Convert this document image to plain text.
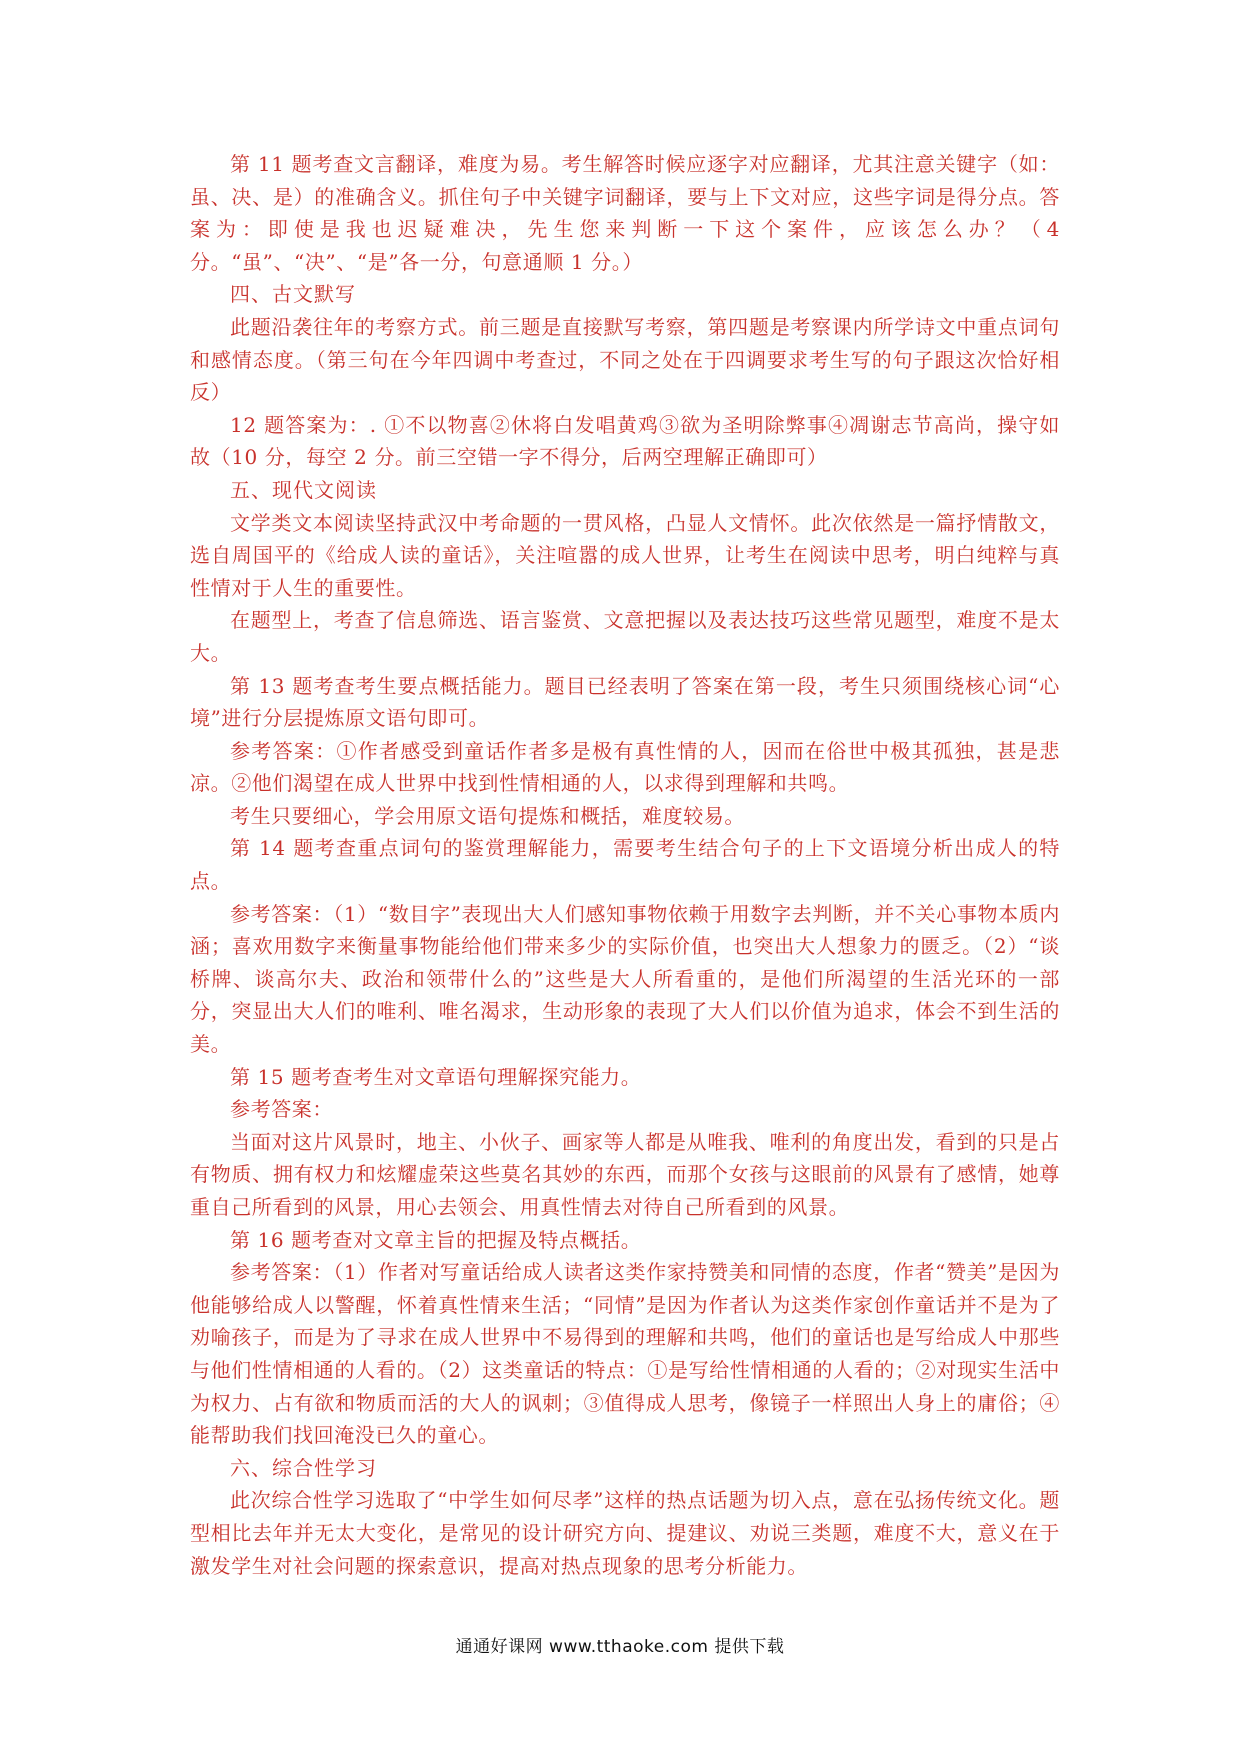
第 11 题考查文言翻译，难度为易。考生解答时候应逐字对应翻译，尤其注意关键字（如：虽、决、是）的准确含义。抓住句子中关键字词翻译，要与上下文对应，这些字词是得分点。答案为：即使是我也迟疑难决，先生您来判断一下这个案件，应该怎么办？（4 分。“虽”、“决”、“是”各一分，句意通顺 1 分。）

四、古文默写

此题沿袭往年的考察方式。前三题是直接默写考察，第四题是考察课内所学诗文中重点词句和感情态度。（第三句在今年四调中考查过，不同之处在于四调要求考生写的句子跟这次恰好相反）

12 题答案为：. ①不以物喜②休将白发唱黄鸡③欲为圣明除弊事④凋谢志节高尚，操守如故（10 分，每空 2 分。前三空错一字不得分，后两空理解正确即可）

五、现代文阅读

文学类文本阅读坚持武汉中考命题的一贯风格，凸显人文情怀。此次依然是一篇抒情散文，选自周国平的《给成人读的童话》，关注喧嚣的成人世界，让考生在阅读中思考，明白纯粹与真性情对于人生的重要性。

在题型上，考查了信息筛选、语言鉴赏、文意把握以及表达技巧这些常见题型，难度不是太大。

第 13 题考查考生要点概括能力。题目已经表明了答案在第一段，考生只须围绕核心词“心境”进行分层提炼原文语句即可。

参考答案：①作者感受到童话作者多是极有真性情的人，因而在俗世中极其孤独，甚是悲凉。②他们渴望在成人世界中找到性情相通的人，以求得到理解和共鸣。

考生只要细心，学会用原文语句提炼和概括，难度较易。

第 14 题考查重点词句的鉴赏理解能力，需要考生结合句子的上下文语境分析出成人的特点。

参考答案：（1）“数目字”表现出大人们感知事物依赖于用数字去判断，并不关心事物本质内涵；喜欢用数字来衡量事物能给他们带来多少的实际价值，也突出大人想象力的匮乏。（2）“谈桥牌、谈高尔夫、政治和领带什么的”这些是大人所看重的，是他们所渴望的生活光环的一部分，突显出大人们的唯利、唯名渴求，生动形象的表现了大人们以价值为追求，体会不到生活的美。

第 15 题考查考生对文章语句理解探究能力。

参考答案：

当面对这片风景时，地主、小伙子、画家等人都是从唯我、唯利的角度出发，看到的只是占有物质、拥有权力和炫耀虚荣这些莫名其妙的东西，而那个女孩与这眼前的风景有了感情，她尊重自己所看到的风景，用心去领会、用真性情去对待自己所看到的风景。

第 16 题考查对文章主旨的把握及特点概括。

参考答案：（1）作者对写童话给成人读者这类作家持赞美和同情的态度，作者“赞美”是因为他能够给成人以警醒，怀着真性情来生活；“同情”是因为作者认为这类作家创作童话并不是为了劝喻孩子，而是为了寻求在成人世界中不易得到的理解和共鸣，他们的童话也是写给成人中那些与他们性情相通的人看的。（2）这类童话的特点：①是写给性情相通的人看的；②对现实生活中为权力、占有欲和物质而活的大人的讽刺；③值得成人思考，像镜子一样照出人身上的庸俗；④能帮助我们找回淹没已久的童心。

六、综合性学习

此次综合性学习选取了“中学生如何尽孝”这样的热点话题为切入点，意在弘扬传统文化。题型相比去年并无太大变化，是常见的设计研究方向、提建议、劝说三类题，难度不大，意义在于激发学生对社会问题的探索意识，提高对热点现象的思考分析能力。

通通好课网 www.tthaoke.com 提供下载
